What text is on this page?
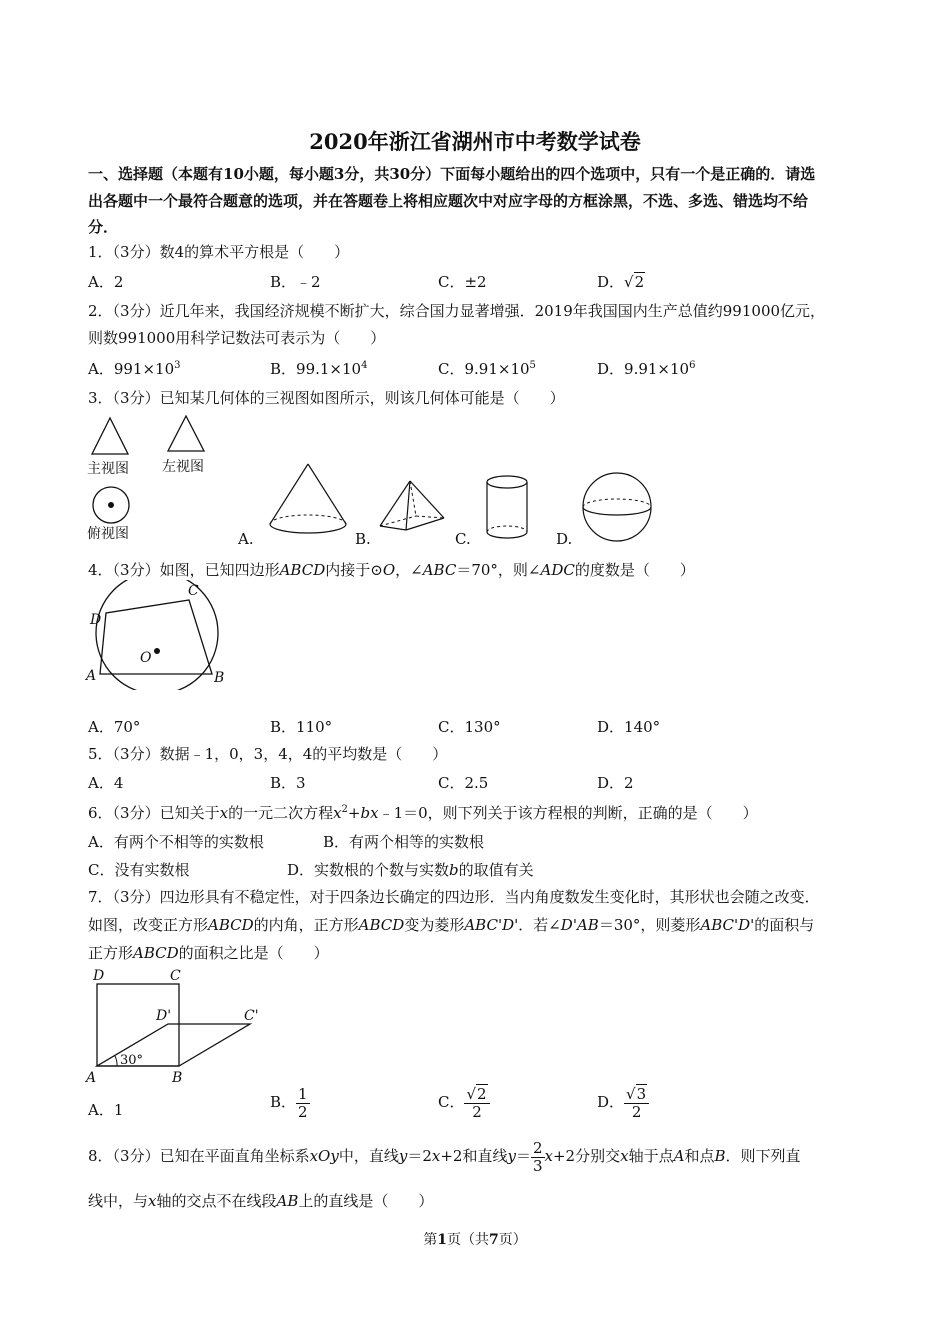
2020年浙江省湖州市中考数学试卷
一、选择题（本题有10小题，每小题3分，共30分）下面每小题给出的四个选项中，只有一个是正确的．请选
出各题中一个最符合题意的选项，并在答题卷上将相应题次中对应字母的方框涂黑，不选、多选、错选均不给
分．
1．（3分）数4的算术平方根是（　　）
A．2	B．﹣2	C．±2	D．√2
2．（3分）近几年来，我国经济规模不断扩大，综合国力显著增强．2019年我国国内生产总值约991000亿元，
则数991000用科学记数法可表示为（　　）
A．$991\times 10^3$	B．$99.1\times 10^4$	C．$9.91\times 10^5$	D．$9.91\times 10^6$
3．（3分）已知某几何体的三视图如图所示，则该几何体可能是（　　）
主视图 左视图
俯视图	A.	B.	C.	D.
4．（3分）如图，已知四边形ABCD内接于⊙O，∠ABC＝70°，则∠ADC的度数是（　　）
A	B
C
D
O
A．70°	B．110°	C．130°	D．140°
5．（3分）数据﹣1，0，3，4，4的平均数是（　　）
A．4	B．3	C．2.5	D．2
6．（3分）已知关于x的一元二次方程$x^2+bx﹣1=0$，则下列关于该方程根的判断，正确的是（　　）
A．有两个不相等的实数根	B．有两个相等的实数根
C．没有实数根	D．实数根的个数与实数b的取值有关
7．（3分）四边形具有不稳定性，对于四条边长确定的四边形．当内角度数发生变化时，其形状也会随之改变．
如图，改变正方形ABCD的内角，正方形ABCD变为菱形ABC'D'．若∠D'AB＝30°，则菱形ABC'D'的面积与
正方形ABCD的面积之比是（　　）
30°
A	B
C
D
D'	C'
A．1	B． $\frac{1}{2}$	C． $\frac{√2}{2}$	D． $\frac{√3}{2}$
8．（3分）已知在平面直角坐标系xOy中，直线y＝2x+2和直线$y= \frac{2}{3} x+2$分别交x轴于点A和点B．则下列直
线中，与x轴的交点不在线段AB上的直线是（　　）
第1页（共7页）
